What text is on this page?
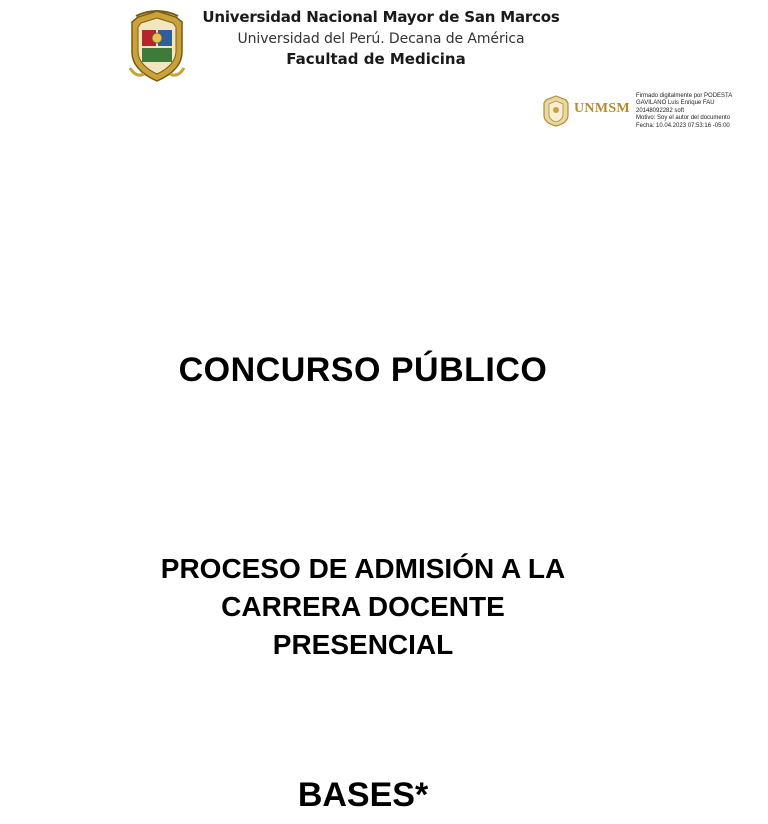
Universidad Nacional Mayor de San Marcos
Universidad del Perú. Decana de América
Facultad de Medicina
UNMSM
Firmado digitalmente por PODESTA
GAVILANO Luis Enrique FAU
20148092282 soft
Motivo: Soy el autor del documento
Fecha: 10.04.2023 07:53:16 -05:00
CONCURSO PÚBLICO
PROCESO DE ADMISIÓN A LA
CARRERA DOCENTE
PRESENCIAL
BASES*
